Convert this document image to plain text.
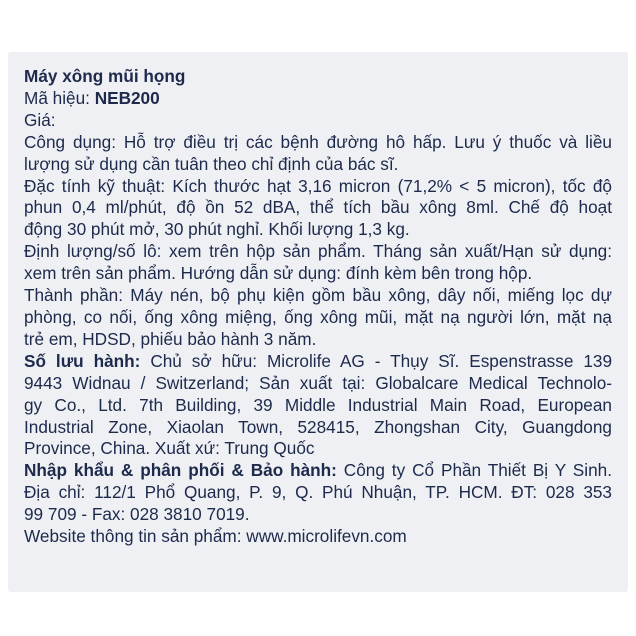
Máy xông mũi họng
Mã hiệu: NEB200
Giá:
Công dụng: Hỗ trợ điều trị các bệnh đường hô hấp. Lưu ý thuốc và liều
lượng sử dụng cần tuân theo chỉ định của bác sĩ.
Đặc tính kỹ thuật: Kích thước hạt 3,16 micron (71,2% < 5 micron), tốc độ
phun 0,4 ml/phút, độ ồn 52 dBA, thể tích bầu xông 8ml. Chế độ hoạt
động 30 phút mở, 30 phút nghỉ. Khối lượng 1,3 kg.
Định lượng/số lô: xem trên hộp sản phẩm. Tháng sản xuất/Hạn sử dụng:
xem trên sản phẩm. Hướng dẫn sử dụng: đính kèm bên trong hộp.
Thành phần: Máy nén, bộ phụ kiện gồm bầu xông, dây nối, miếng lọc dự
phòng, co nối, ống xông miệng, ống xông mũi, mặt nạ người lớn, mặt nạ
trẻ em, HDSD, phiếu bảo hành 3 năm.
Số lưu hành: Chủ sở hữu: Microlife AG - Thụy Sĩ. Espenstrasse 139
9443 Widnau / Switzerland; Sản xuất tại: Globalcare Medical Technolo-
gy Co., Ltd. 7th Building, 39 Middle Industrial Main Road, European
Industrial Zone, Xiaolan Town, 528415, Zhongshan City, Guangdong
Province, China. Xuất xứ: Trung Quốc
Nhập khẩu & phân phối & Bảo hành: Công ty Cổ Phần Thiết Bị Y Sinh.
Địa chỉ: 112/1 Phổ Quang, P. 9, Q. Phú Nhuận, TP. HCM. ĐT: 028 353
99 709 - Fax: 028 3810 7019.
Website thông tin sản phẩm: www.microlifevn.com
